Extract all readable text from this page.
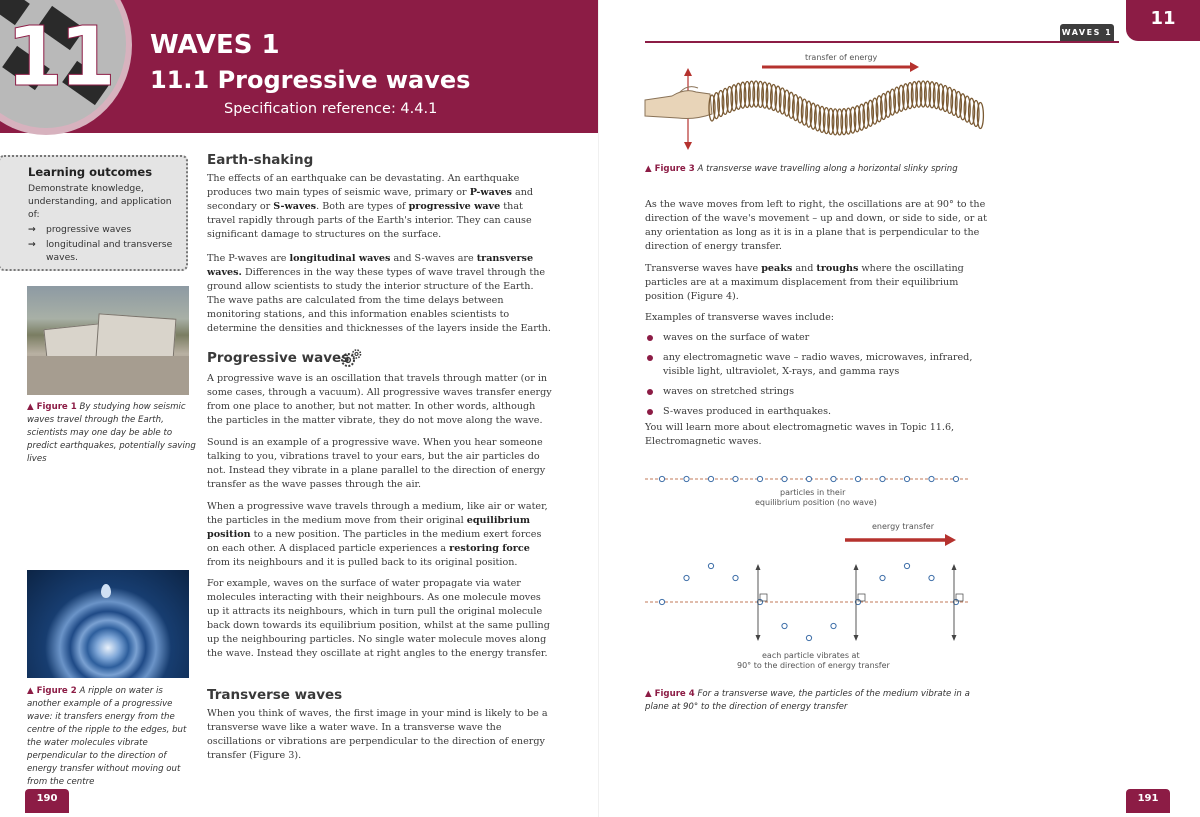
11 WAVES 1
11.1 Progressive waves
Specification reference: 4.4.1
Learning outcomes
Demonstrate knowledge, understanding, and application of:
→ progressive waves
→ longitudinal and transverse waves.
▲ Figure 1 By studying how seismic waves travel through the Earth, scientists may one day be able to predict earthquakes, potentially saving lives
▲ Figure 2 A ripple on water is another example of a progressive wave: it transfers energy from the centre of the ripple to the edges, but the water molecules vibrate perpendicular to the direction of energy transfer without moving out from the centre
Earth-shaking
The effects of an earthquake can be devastating. An earthquake produces two main types of seismic wave, primary or P-waves and secondary or S-waves. Both are types of progressive wave that travel rapidly through parts of the Earth's interior. They can cause significant damage to structures on the surface.
The P-waves are longitudinal waves and S-waves are transverse waves. Differences in the way these types of wave travel through the ground allow scientists to study the interior structure of the Earth. The wave paths are calculated from the time delays between monitoring stations, and this information enables scientists to determine the densities and thicknesses of the layers inside the Earth.
Progressive waves
A progressive wave is an oscillation that travels through matter (or in some cases, through a vacuum). All progressive waves transfer energy from one place to another, but not matter. In other words, although the particles in the matter vibrate, they do not move along the wave.
Sound is an example of a progressive wave. When you hear someone talking to you, vibrations travel to your ears, but the air particles do not. Instead they vibrate in a plane parallel to the direction of energy transfer as the wave passes through the air.
When a progressive wave travels through a medium, like air or water, the particles in the medium move from their original equilibrium position to a new position. The particles in the medium exert forces on each other. A displaced particle experiences a restoring force from its neighbours and it is pulled back to its original position.
For example, waves on the surface of water propagate via water molecules interacting with their neighbours. As one molecule moves up it attracts its neighbours, which in turn pull the original molecule back down towards its equilibrium position, whilst at the same pulling up the neighbouring particles. No single water molecule moves along the wave. Instead they oscillate at right angles to the energy transfer.
Transverse waves
When you think of waves, the first image in your mind is likely to be a transverse wave like a water wave. In a transverse wave the oscillations or vibrations are perpendicular to the direction of energy transfer (Figure 3).
190
WAVES 1
11
transfer of energy
▲ Figure 3 A transverse wave travelling along a horizontal slinky spring
As the wave moves from left to right, the oscillations are at 90° to the direction of the wave's movement – up and down, or side to side, or at any orientation as long as it is in a plane that is perpendicular to the direction of energy transfer.
Transverse waves have peaks and troughs where the oscillating particles are at a maximum displacement from their equilibrium position (Figure 4).
Examples of transverse waves include:
waves on the surface of water
any electromagnetic wave – radio waves, microwaves, infrared, visible light, ultraviolet, X-rays, and gamma rays
waves on stretched strings
S-waves produced in earthquakes.
You will learn more about electromagnetic waves in Topic 11.6, Electromagnetic waves.
particles in their
equilibrium position (no wave)
energy transfer
each particle vibrates at
90° to the direction of energy transfer
▲ Figure 4 For a transverse wave, the particles of the medium vibrate in a plane at 90° to the direction of energy transfer
191
